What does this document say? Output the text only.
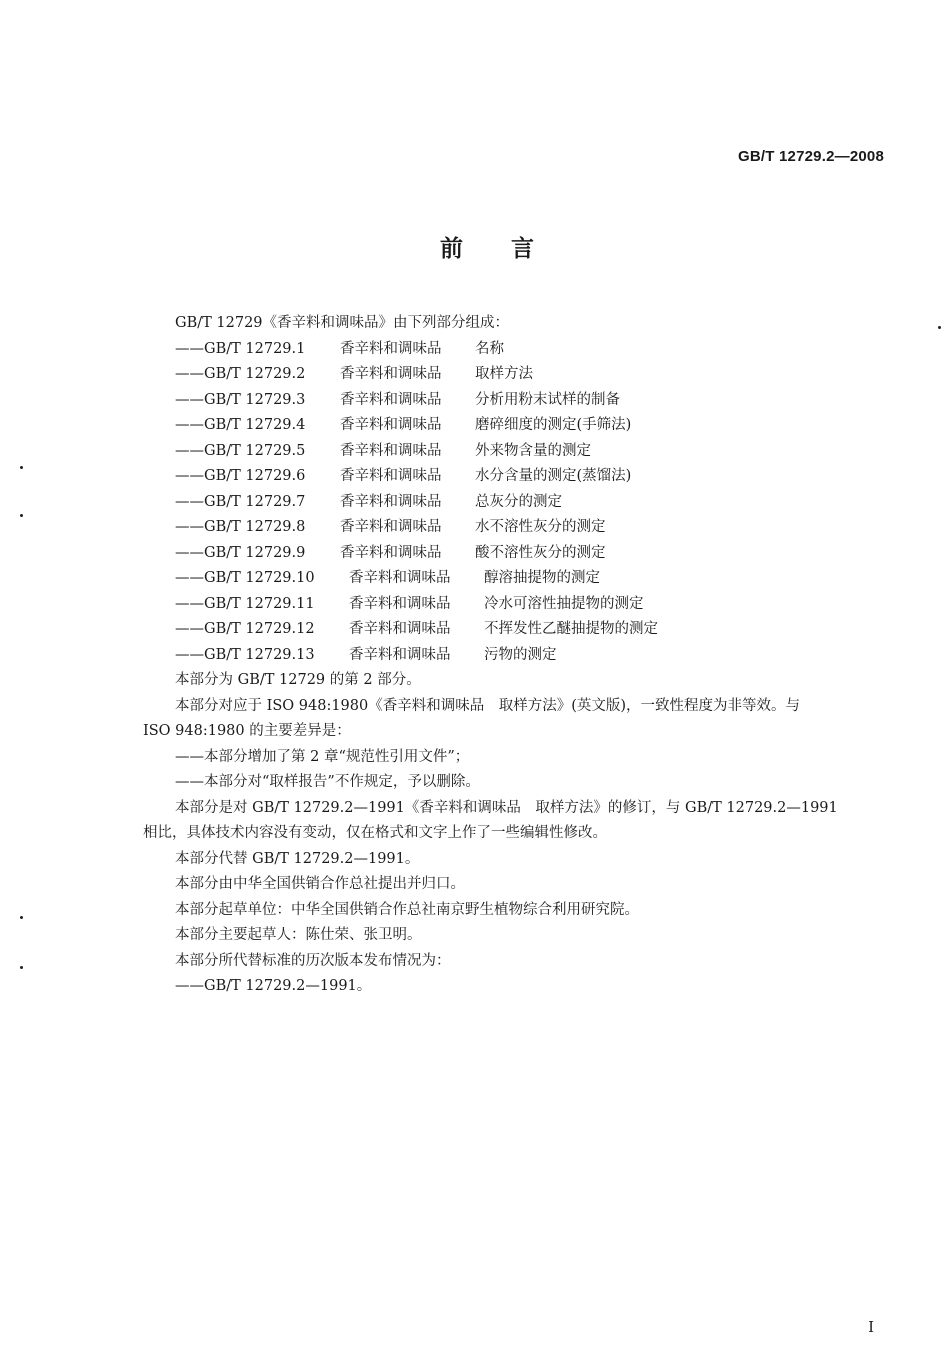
GB/T 12729.2—2008
前言
GB/T 12729《香辛料和调味品》由下列部分组成：
——GB/T 12729.1 香辛料和调味品 名称
——GB/T 12729.2 香辛料和调味品 取样方法
——GB/T 12729.3 香辛料和调味品 分析用粉末试样的制备
——GB/T 12729.4 香辛料和调味品 磨碎细度的测定(手筛法)
——GB/T 12729.5 香辛料和调味品 外来物含量的测定
——GB/T 12729.6 香辛料和调味品 水分含量的测定(蒸馏法)
——GB/T 12729.7 香辛料和调味品 总灰分的测定
——GB/T 12729.8 香辛料和调味品 水不溶性灰分的测定
——GB/T 12729.9 香辛料和调味品 酸不溶性灰分的测定
——GB/T 12729.10 香辛料和调味品 醇溶抽提物的测定
——GB/T 12729.11 香辛料和调味品 冷水可溶性抽提物的测定
——GB/T 12729.12 香辛料和调味品 不挥发性乙醚抽提物的测定
——GB/T 12729.13 香辛料和调味品 污物的测定
本部分为 GB/T 12729 的第 2 部分。
本部分对应于 ISO 948:1980《香辛料和调味品　取样方法》(英文版)，一致性程度为非等效。与
ISO 948:1980 的主要差异是：
——本部分增加了第 2 章“规范性引用文件”；
——本部分对“取样报告”不作规定，予以删除。
本部分是对 GB/T 12729.2—1991《香辛料和调味品　取样方法》的修订，与 GB/T 12729.2—1991
相比，具体技术内容没有变动，仅在格式和文字上作了一些编辑性修改。
本部分代替 GB/T 12729.2—1991。
本部分由中华全国供销合作总社提出并归口。
本部分起草单位：中华全国供销合作总社南京野生植物综合利用研究院。
本部分主要起草人：陈仕荣、张卫明。
本部分所代替标准的历次版本发布情况为：
——GB/T 12729.2—1991。
I
